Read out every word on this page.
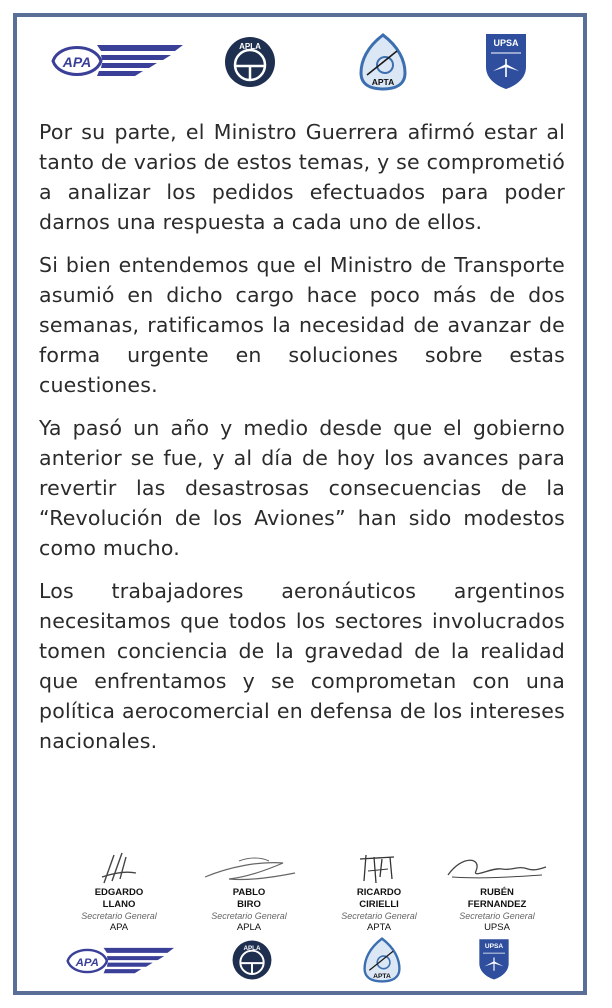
APA
APLA
APTA
UPSA

Por su parte, el Ministro Guerrera afirmó estar al tanto de varios de estos temas, y se comprometió a analizar los pedidos efectuados para poder darnos una respuesta a cada uno de ellos.

Si bien entendemos que el Ministro de Transporte asumió en dicho cargo hace poco más de dos semanas, ratificamos la necesidad de avanzar de forma urgente en soluciones sobre estas cuestiones.

Ya pasó un año y medio desde que el gobierno anterior se fue, y al día de hoy los avances para revertir las desastrosas consecuencias de la “Revolución de los Aviones” han sido modestos como mucho.

Los trabajadores aeronáuticos argentinos necesitamos que todos los sectores involucrados tomen conciencia de la gravedad de la realidad que enfrentamos y se comprometan con una política aerocomercial en defensa de los intereses nacionales.

EDGARDO
LLANO
Secretario General
APA
PABLO
BIRO
Secretario General
APLA
RICARDO
CIRIELLI
Secretario General
APTA
RUBÉN
FERNANDEZ
Secretario General
UPSA
APA
APLA
APTA
UPSA
